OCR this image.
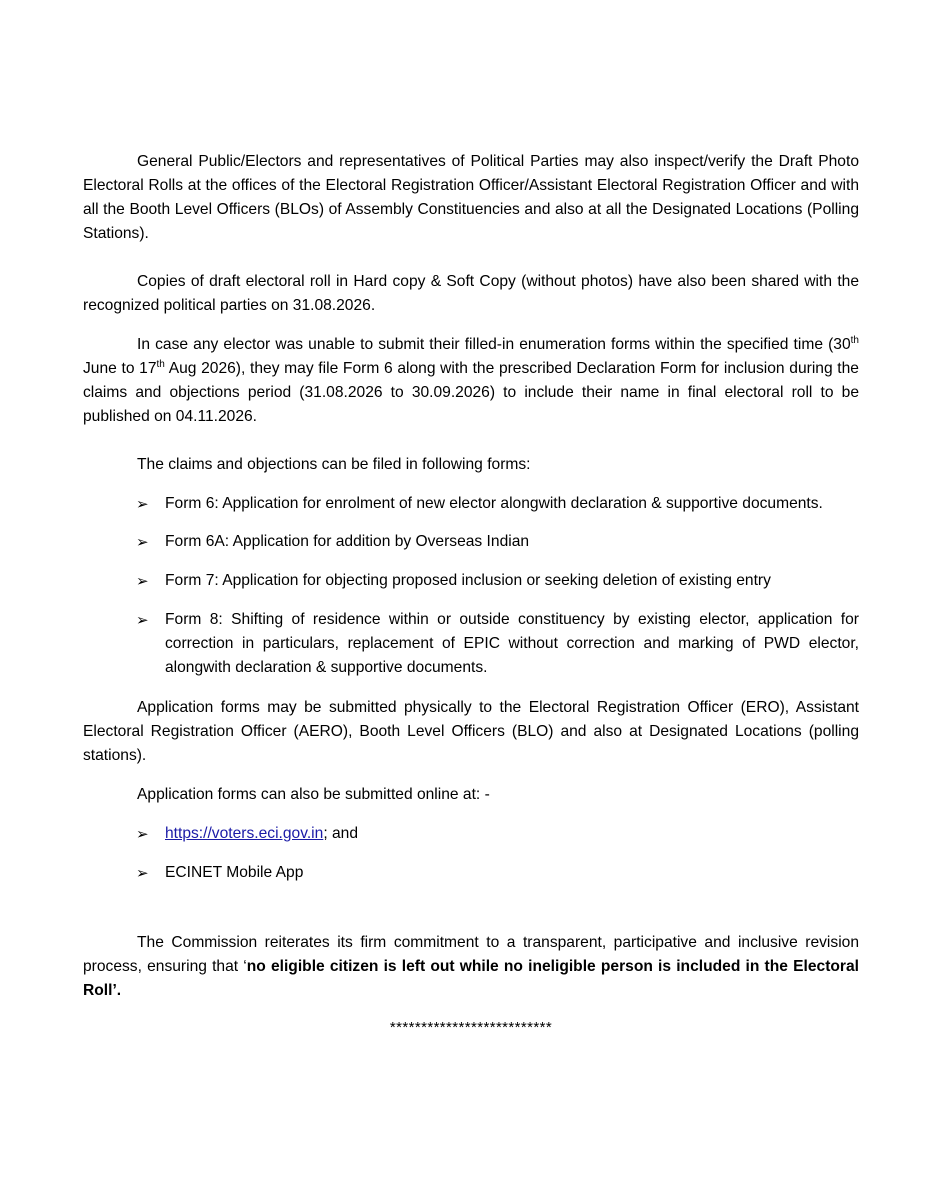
General Public/Electors and representatives of Political Parties may also inspect/verify the Draft Photo Electoral Rolls at the offices of the Electoral Registration Officer/Assistant Electoral Registration Officer and with all the Booth Level Officers (BLOs) of Assembly Constituencies and also at all the Designated Locations (Polling Stations).

Copies of draft electoral roll in Hard copy & Soft Copy (without photos) have also been shared with the recognized political parties on 31.08.2026.

In case any elector was unable to submit their filled-in enumeration forms within the specified time (30th June to 17th Aug 2026), they may file Form 6 along with the prescribed Declaration Form for inclusion during the claims and objections period (31.08.2026 to 30.09.2026) to include their name in final electoral roll to be published on 04.11.2026.

The claims and objections can be filed in following forms:

➢	Form 6: Application for enrolment of new elector alongwith declaration & supportive documents.
➢	Form 6A: Application for addition by Overseas Indian
➢	Form 7: Application for objecting proposed inclusion or seeking deletion of existing entry
➢	Form 8: Shifting of residence within or outside constituency by existing elector, application for correction in particulars, replacement of EPIC without correction and marking of PWD elector, alongwith declaration & supportive documents.

Application forms may be submitted physically to the Electoral Registration Officer (ERO), Assistant Electoral Registration Officer (AERO), Booth Level Officers (BLO) and also at Designated Locations (polling stations).

Application forms can also be submitted online at: -

➢	https://voters.eci.gov.in; and
➢	ECINET Mobile App

The Commission reiterates its firm commitment to a transparent, participative and inclusive revision process, ensuring that ‘no eligible citizen is left out while no ineligible person is included in the Electoral Roll’.

**************************
